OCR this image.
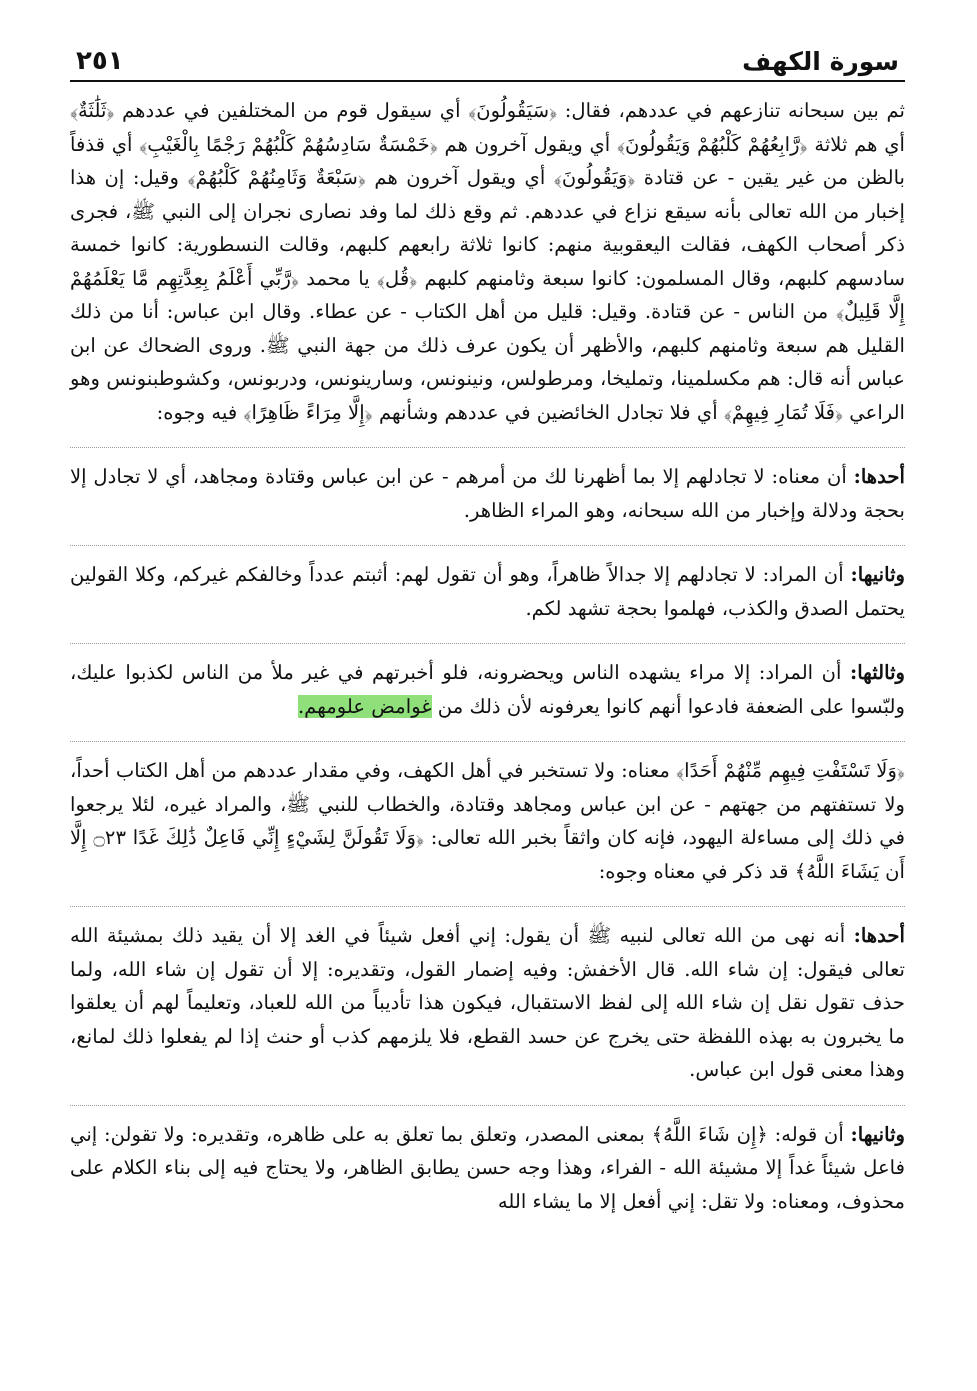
سورة الكهف
٢٥١

ثم بين سبحانه تنازعهم في عددهم، فقال: ﴿سَيَقُولُونَ﴾ أي سيقول قوم من المختلفين في عددهم ﴿ثَلَٰثَةٌ﴾ أي هم ثلاثة ﴿رَّابِعُهُمْ كَلْبُهُمْ وَيَقُولُونَ﴾ أي ويقول آخرون هم ﴿خَمْسَةٌ سَادِسُهُمْ كَلْبُهُمْ رَجْمًا بِالْغَيْبِ﴾ أي قذفاً بالظن من غير يقين - عن قتادة ﴿وَيَقُولُونَ﴾ أي ويقول آخرون هم ﴿سَبْعَةٌ وَثَامِنُهُمْ كَلْبُهُمْ﴾ وقيل: إن هذا إخبار من الله تعالى بأنه سيقع نزاع في عددهم. ثم وقع ذلك لما وفد نصارى نجران إلى النبي ﷺ، فجرى ذكر أصحاب الكهف، فقالت اليعقوبية منهم: كانوا ثلاثة رابعهم كلبهم، وقالت النسطورية: كانوا خمسة سادسهم كلبهم، وقال المسلمون: كانوا سبعة وثامنهم كلبهم ﴿قُل﴾ يا محمد ﴿رَّبِّي أَعْلَمُ بِعِدَّتِهِم مَّا يَعْلَمُهُمْ إِلَّا قَلِيلٌ﴾ من الناس - عن قتادة. وقيل: قليل من أهل الكتاب - عن عطاء. وقال ابن عباس: أنا من ذلك القليل هم سبعة وثامنهم كلبهم، والأظهر أن يكون عرف ذلك من جهة النبي ﷺ. وروى الضحاك عن ابن عباس أنه قال: هم مكسلمينا، وتمليخا، ومرطولس، ونينونس، وسارينونس، ودربونس، وكشوطبنونس وهو الراعي ﴿فَلَا تُمَارِ فِيهِمْ﴾ أي فلا تجادل الخائضين في عددهم وشأنهم ﴿إِلَّا مِرَاءً ظَاهِرًا﴾ فيه وجوه:

أحدها: أن معناه: لا تجادلهم إلا بما أظهرنا لك من أمرهم - عن ابن عباس وقتادة ومجاهد، أي لا تجادل إلا بحجة ودلالة وإخبار من الله سبحانه، وهو المراء الظاهر.

وثانيها: أن المراد: لا تجادلهم إلا جدالاً ظاهراً، وهو أن تقول لهم: أثبتم عدداً وخالفكم غيركم، وكلا القولين يحتمل الصدق والكذب، فهلموا بحجة تشهد لكم.

وثالثها: أن المراد: إلا مراء يشهده الناس ويحضرونه، فلو أخبرتهم في غير ملأ من الناس لكذبوا عليك، ولبّسوا على الضعفة فادعوا أنهم كانوا يعرفونه لأن ذلك من غوامض علومهم.

﴿وَلَا تَسْتَفْتِ فِيهِم مِّنْهُمْ أَحَدًا﴾ معناه: ولا تستخبر في أهل الكهف، وفي مقدار عددهم من أهل الكتاب أحداً، ولا تستفتهم من جهتهم - عن ابن عباس ومجاهد وقتادة، والخطاب للنبي ﷺ، والمراد غيره، لئلا يرجعوا في ذلك إلى مساءلة اليهود، فإنه كان واثقاً بخبر الله تعالى: ﴿وَلَا تَقُولَنَّ لِشَيْءٍ إِنِّي فَاعِلٌ ذَٰلِكَ غَدًا ۝٢٣ إِلَّا أَن يَشَاءَ اللَّهُ﴾ قد ذكر في معناه وجوه:

أحدها: أنه نهى من الله تعالى لنبيه ﷺ أن يقول: إني أفعل شيئاً في الغد إلا أن يقيد ذلك بمشيئة الله تعالى فيقول: إن شاء الله. قال الأخفش: وفيه إضمار القول، وتقديره: إلا أن تقول إن شاء الله، ولما حذف تقول نقل إن شاء الله إلى لفظ الاستقبال، فيكون هذا تأديباً من الله للعباد، وتعليماً لهم أن يعلقوا ما يخبرون به بهذه اللفظة حتى يخرج عن حسد القطع، فلا يلزمهم كذب أو حنث إذا لم يفعلوا ذلك لمانع، وهذا معنى قول ابن عباس.

وثانيها: أن قوله: ﴿إِن شَاءَ اللَّهُ﴾ بمعنى المصدر، وتعلق بما تعلق به على ظاهره، وتقديره: ولا تقولن: إني فاعل شيئاً غداً إلا مشيئة الله - الفراء، وهذا وجه حسن يطابق الظاهر، ولا يحتاج فيه إلى بناء الكلام على محذوف، ومعناه: ولا تقل: إني أفعل إلا ما يشاء الله
